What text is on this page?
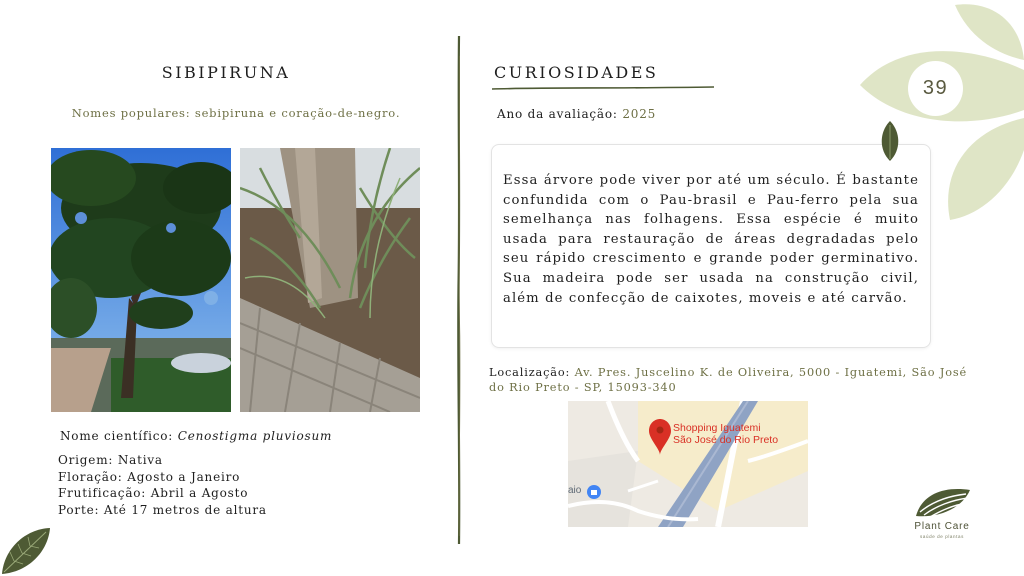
SIBIPIRUNA
Nomes populares: sebipiruna e coração-de-negro.
Nome científico: Cenostigma pluviosum
Origem: Nativa
Floração: Agosto a Janeiro
Frutificação: Abril a Agosto
Porte: Até 17 metros de altura
CURIOSIDADES
Ano da avaliação: 2025

Essa árvore pode viver por até um século. É bastante confundida com o Pau-brasil e Pau-ferro pela sua semelhança nas folhagens. Essa espécie é muito usada para restauração de áreas degradadas pelo seu rápido crescimento e grande poder germinativo. Sua madeira pode ser usada na construção civil, além de confecção de caixotes, moveis e até carvão.

Localização: Av. Pres. Juscelino K. de Oliveira, 5000 - Iguatemi, São José do Rio Preto - SP, 15093-340
Shopping Iguatemi
São José do Rio Preto
aio
39
Plant Care
saúde de plantas
